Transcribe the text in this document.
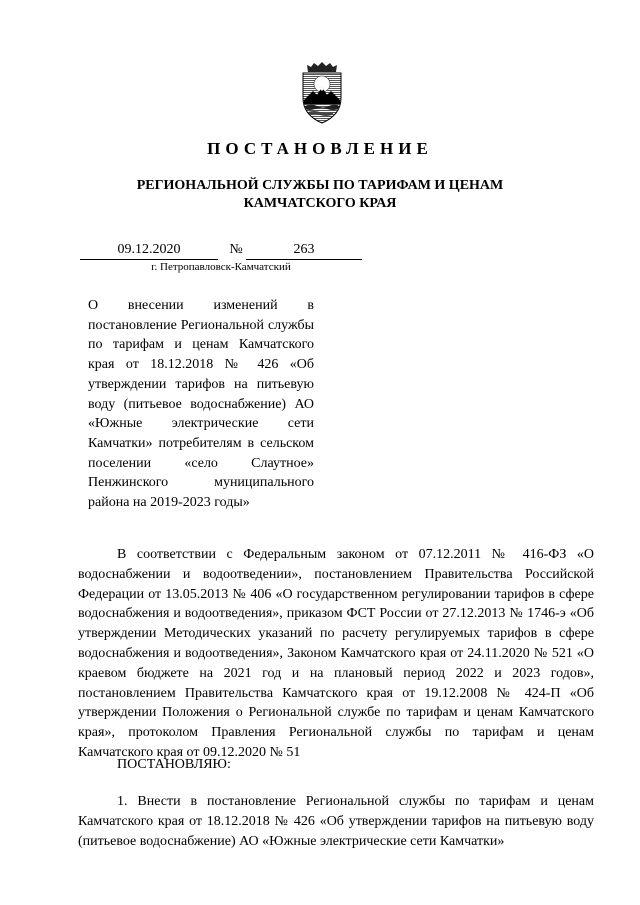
ПОСТАНОВЛЕНИЕ
РЕГИОНАЛЬНОЙ СЛУЖБЫ ПО ТАРИФАМ И ЦЕНАМ КАМЧАТСКОГО КРАЯ
09.12.2020	№	263
г. Петропавловск-Камчатский
О внесении изменений в постановление Региональной службы по тарифам и ценам Камчатского края от 18.12.2018 № 426 «Об утверждении тарифов на питьевую воду (питьевое водоснабжение) АО «Южные электрические сети Камчатки» потребителям в сельском поселении «село Слаутное» Пенжинского муниципального района на 2019-2023 годы»

В соответствии с Федеральным законом от 07.12.2011 № 416-ФЗ «О водоснабжении и водоотведении», постановлением Правительства Российской Федерации от 13.05.2013 № 406 «О государственном регулировании тарифов в сфере водоснабжения и водоотведения», приказом ФСТ России от 27.12.2013 № 1746-э «Об утверждении Методических указаний по расчету регулируемых тарифов в сфере водоснабжения и водоотведения», Законом Камчатского края от 24.11.2020 № 521 «О краевом бюджете на 2021 год и на плановый период 2022 и 2023 годов», постановлением Правительства Камчатского края от 19.12.2008 № 424-П «Об утверждении Положения о Региональной службе по тарифам и ценам Камчатского края», протоколом Правления Региональной службы по тарифам и ценам Камчатского края от 09.12.2020 № 51

ПОСТАНОВЛЯЮ:

1. Внести в постановление Региональной службы по тарифам и ценам Камчатского края от 18.12.2018 № 426 «Об утверждении тарифов на питьевую воду (питьевое водоснабжение) АО «Южные электрические сети Камчатки»
